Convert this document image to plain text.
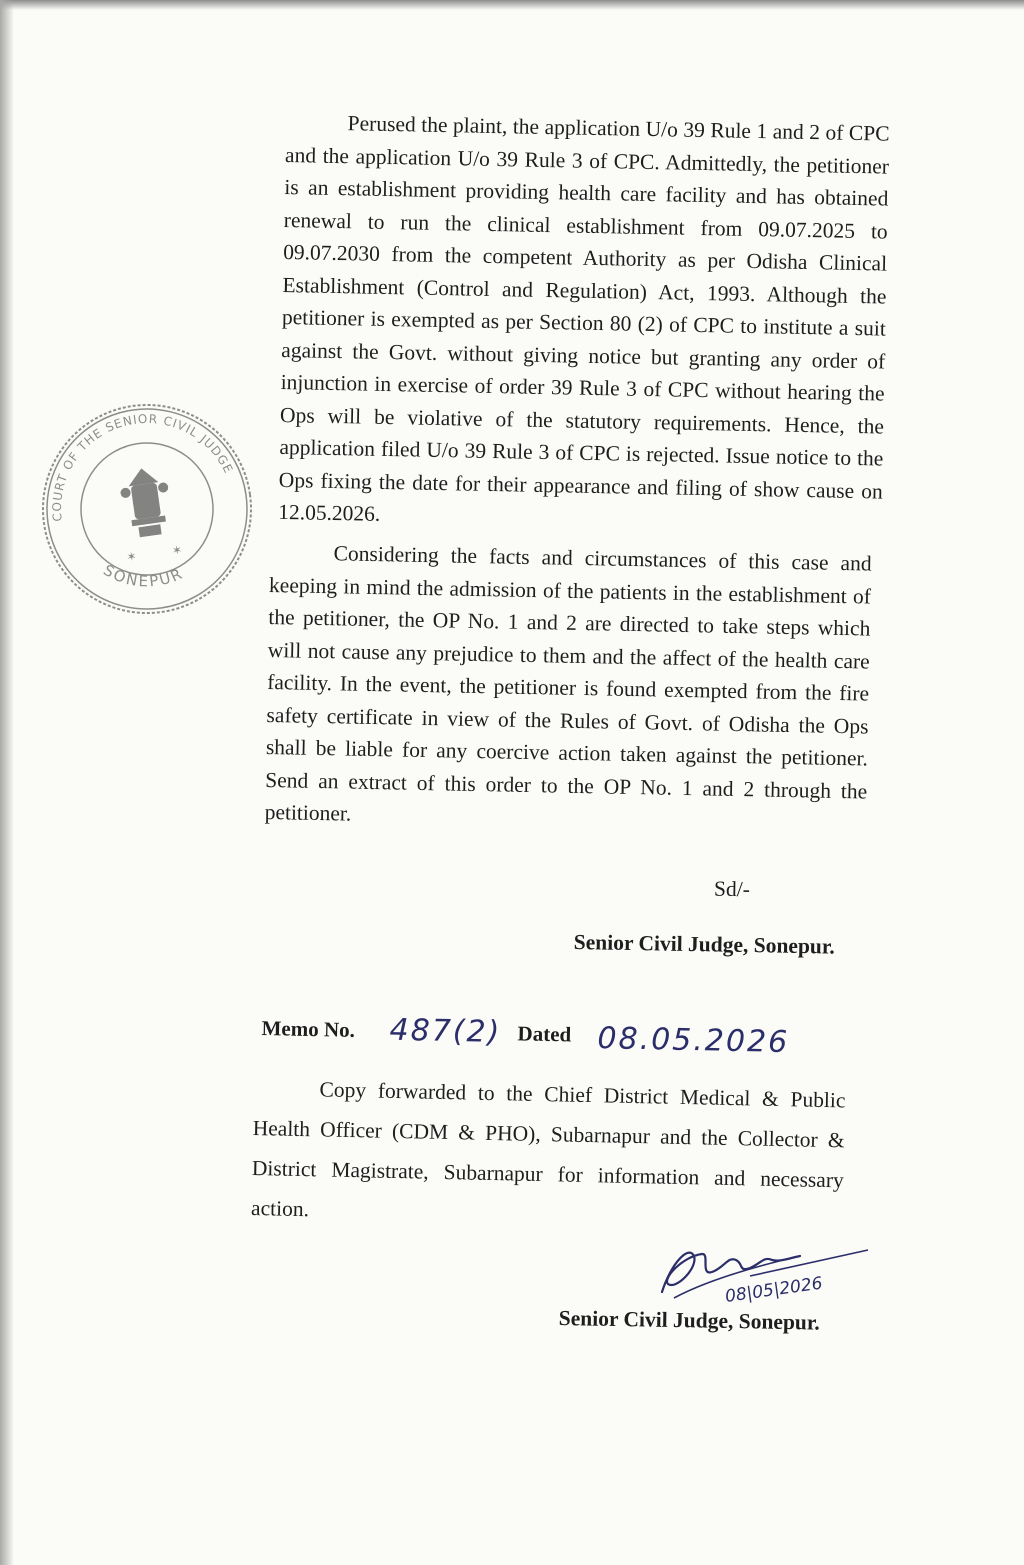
COURT OF THE SENIOR CIVIL JUDGE
SONEPUR
✶	✶

Perused the plaint, the application U/o 39 Rule 1 and 2 of CPC and the application U/o 39 Rule 3 of CPC. Admittedly, the petitioner is an establishment providing health care facility and has obtained renewal to run the clinical establishment from 09.07.2025 to 09.07.2030 from the competent Authority as per Odisha Clinical Establishment (Control and Regulation) Act, 1993. Although the petitioner is exempted as per Section 80 (2) of CPC to institute a suit against the Govt. without giving notice but granting any order of injunction in exercise of order 39 Rule 3 of CPC without hearing the Ops will be violative of the statutory requirements. Hence, the application filed U/o 39 Rule 3 of CPC is rejected. Issue notice to the Ops fixing the date for their appearance and filing of show cause on 12.05.2026.

Considering the facts and circumstances of this case and keeping in mind the admission of the patients in the establishment of the petitioner, the OP No. 1 and 2 are directed to take steps which will not cause any prejudice to them and the affect of the health care facility. In the event, the petitioner is found exempted from the fire safety certificate in view of the Rules of Govt. of Odisha the Ops shall be liable for any coercive action taken against the petitioner. Send an extract of this order to the OP No. 1 and 2 through the petitioner.

Sd/-
Senior Civil Judge, Sonepur.
Memo No. 487(2) Dated 08.05.2026

Copy forwarded to the Chief District Medical & Public Health Officer (CDM & PHO), Subarnapur and the Collector & District Magistrate, Subarnapur for information and necessary action.

08|05|2026
Senior Civil Judge, Sonepur.
